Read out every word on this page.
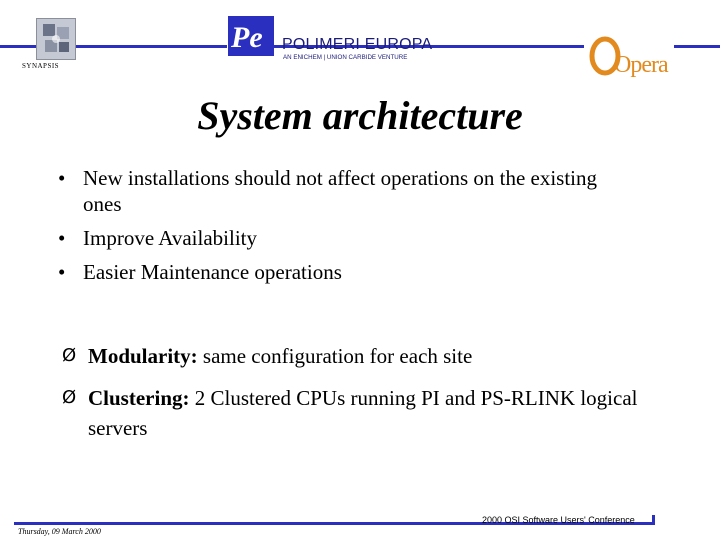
SYNAPSIS
Pe POLIMERI EUROPA
AN ENICHEM | UNION CARBIDE VENTURE	Opera
System architecture
• New installations should not affect operations on the existing ones
• Improve Availability
• Easier Maintenance operations
Ø Modularity: same configuration for each site
Ø Clustering: 2 Clustered CPUs running PI and PS-RLINK logical servers
2000 OSI Software Users' Conference
Thursday, 09 March 2000
